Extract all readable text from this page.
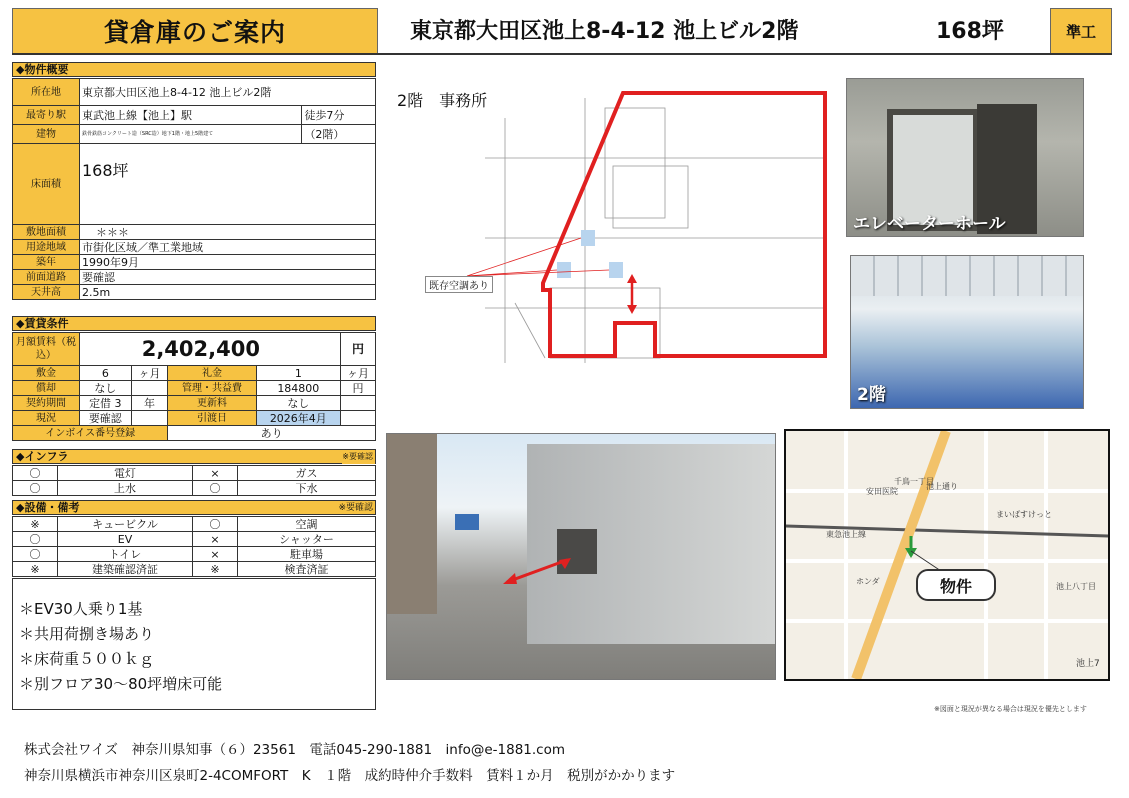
貸倉庫のご案内	東京都大田区池上8-4-12 池上ビル2階	168坪	準工
◆物件概要
所在地	東京都大田区池上8-4-12 池上ビル2階	
最寄り駅	東武池上線【池上】駅	徒歩7分
建物	鉄骨鉄筋コンクリート造（SRC造）地下1階・地上5階建て	（2階）
床面積	168坪	
敷地面積	＊＊＊	
用途地域	市街化区域／準工業地域	
築年	1990年9月	
前面道路	要確認	
天井高	2.5m	
◆賃貸条件
月額賃料（税込）	2,402,400				円
敷金	6	ヶ月	礼金	1	ヶ月
償却	なし		管理・共益費	184800	円
契約期間	定借 3	年	更新料	なし	
現況	要確認		引渡日	2026年4月	
インボイス番号登録			あり		
◆インフラ	※要確認
〇	電灯	×	ガス
〇	上水	〇	下水
◆設備・備考	※要確認
※	キュービクル	〇	空調
〇	EV	×	シャッター
〇	トイレ	×	駐車場
※	建築確認済証	※	検査済証
＊EV30人乗り1基
＊共用荷捌き場あり
＊床荷重５００ｋｇ
＊別フロア30～80坪増床可能
2階　事務所
既存空調あり
エレベーターホール
2階
千鳥一丁目
池上通り
安田医院
東急池上線
まいばすけっと
ホンダ
池上八丁目
池上7
物件
※図面と現況が異なる場合は現況を優先とします
株式会社ワイズ　神奈川県知事（６）23561　電話045-290-1881　info@e-1881.com
神奈川県横浜市神奈川区泉町2-4COMFORT　K　１階　成約時仲介手数料　賃料１か月　税別がかかります
